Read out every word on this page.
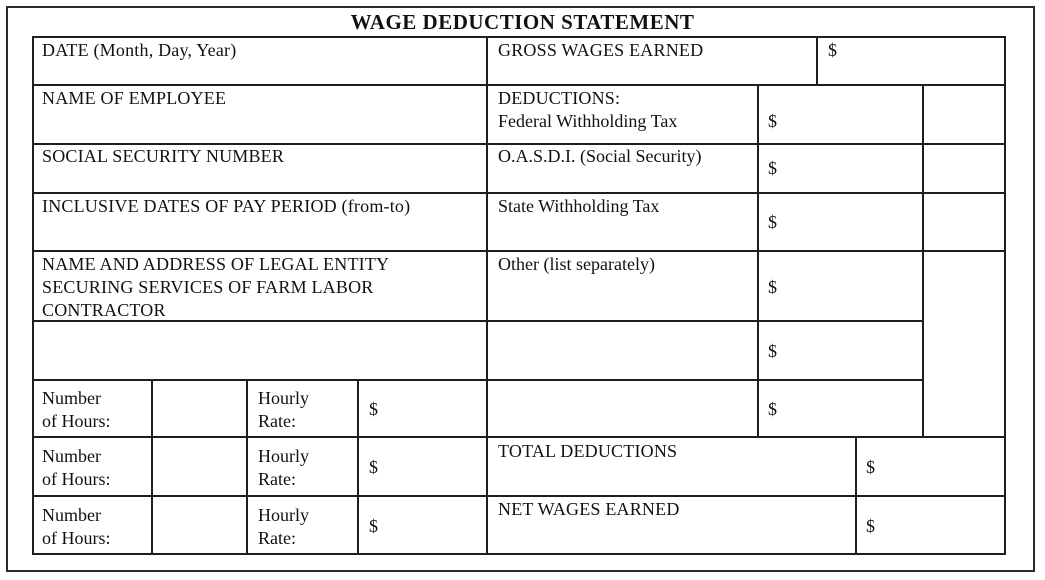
WAGE DEDUCTION STATEMENT
DATE (Month, Day, Year)
NAME OF EMPLOYEE
SOCIAL SECURITY NUMBER
INCLUSIVE DATES OF PAY PERIOD (from-to)
NAME AND ADDRESS OF LEGAL ENTITY
SECURING SERVICES OF FARM LABOR
CONTRACTOR
Number
of Hours:
Hourly
Rate:
$
Number
of Hours:
Hourly
Rate:
$
Number
of Hours:
Hourly
Rate:
$
GROSS WAGES EARNED	$
DEDUCTIONS:
Federal Withholding Tax	$
O.A.S.D.I. (Social Security)
$
State Withholding Tax
$
Other (list separately)
$
$
$
TOTAL DEDUCTIONS
$
NET WAGES EARNED
$
